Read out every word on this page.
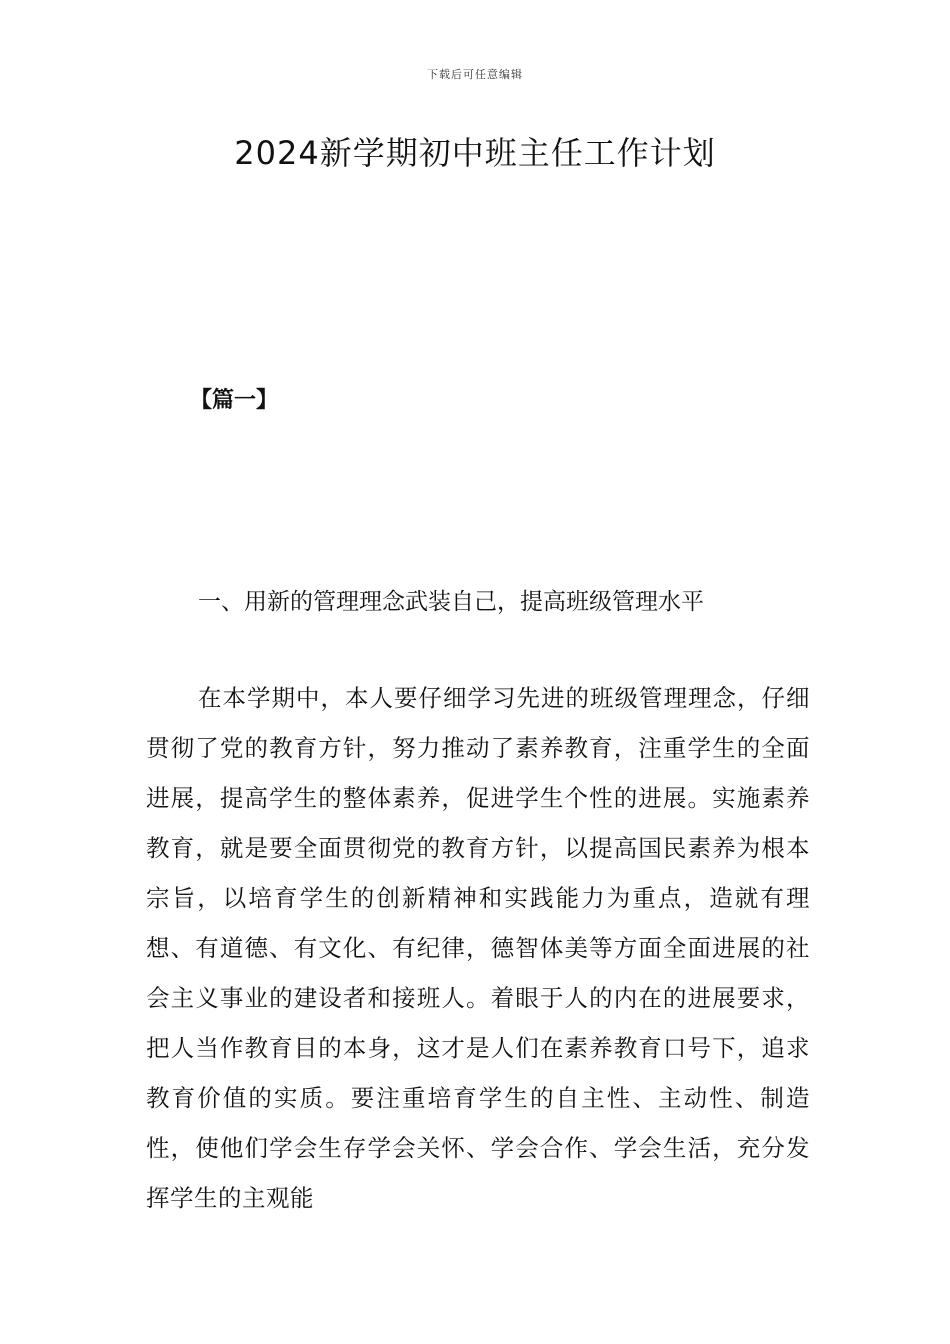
下载后可任意编辑
2024新学期初中班主任工作计划
【篇一】
一、用新的管理理念武装自己，提高班级管理水平

在本学期中，本人要仔细学习先进的班级管理理念，仔细贯彻了党的教育方针，努力推动了素养教育，注重学生的全面进展，提高学生的整体素养，促进学生个性的进展。实施素养教育，就是要全面贯彻党的教育方针，以提高国民素养为根本宗旨，以培育学生的创新精神和实践能力为重点，造就有理想、有道德、有文化、有纪律，德智体美等方面全面进展的社会主义事业的建设者和接班人。着眼于人的内在的进展要求，把人当作教育目的本身，这才是人们在素养教育口号下，追求教育价值的实质。要注重培育学生的自主性、主动性、制造性，使他们学会生存学会关怀、学会合作、学会生活，充分发挥学生的主观能
